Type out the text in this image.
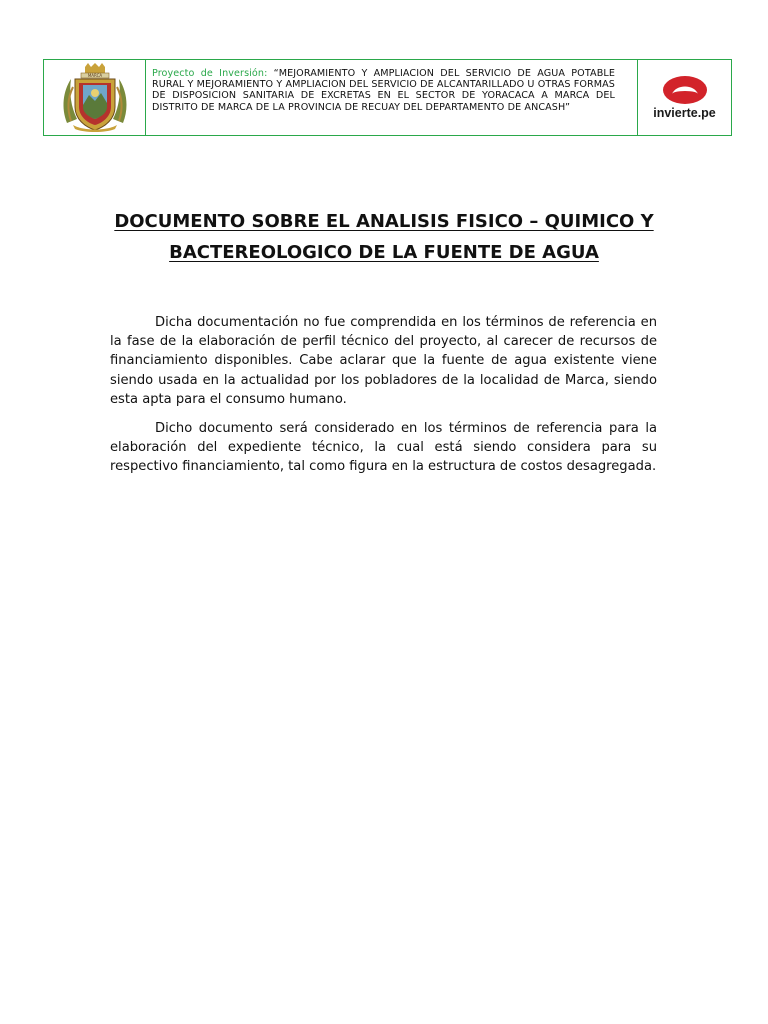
MARCA	Proyecto de Inversión: “MEJORAMIENTO Y AMPLIACION DEL SERVICIO DE AGUA POTABLE RURAL Y MEJORAMIENTO Y AMPLIACION DEL SERVICIO DE ALCANTARILLADO U OTRAS FORMAS DE DISPOSICION SANITARIA DE EXCRETAS EN EL SECTOR DE YORACACA A MARCA DEL DISTRITO DE MARCA DE LA PROVINCIA DE RECUAY DEL DEPARTAMENTO DE ANCASH”	invierte.pe
DOCUMENTO SOBRE EL ANALISIS FISICO – QUIMICO Y BACTEREOLOGICO DE LA FUENTE DE AGUA

Dicha documentación no fue comprendida en los términos de referencia en la fase de la elaboración de perfil técnico del proyecto, al carecer de recursos de financiamiento disponibles. Cabe aclarar que la fuente de agua existente viene siendo usada en la actualidad por los pobladores de la localidad de Marca, siendo esta apta para el consumo humano.

Dicho documento será considerado en los términos de referencia para la elaboración del expediente técnico, la cual está siendo considera para su respectivo financiamiento, tal como figura en la estructura de costos desagregada.
